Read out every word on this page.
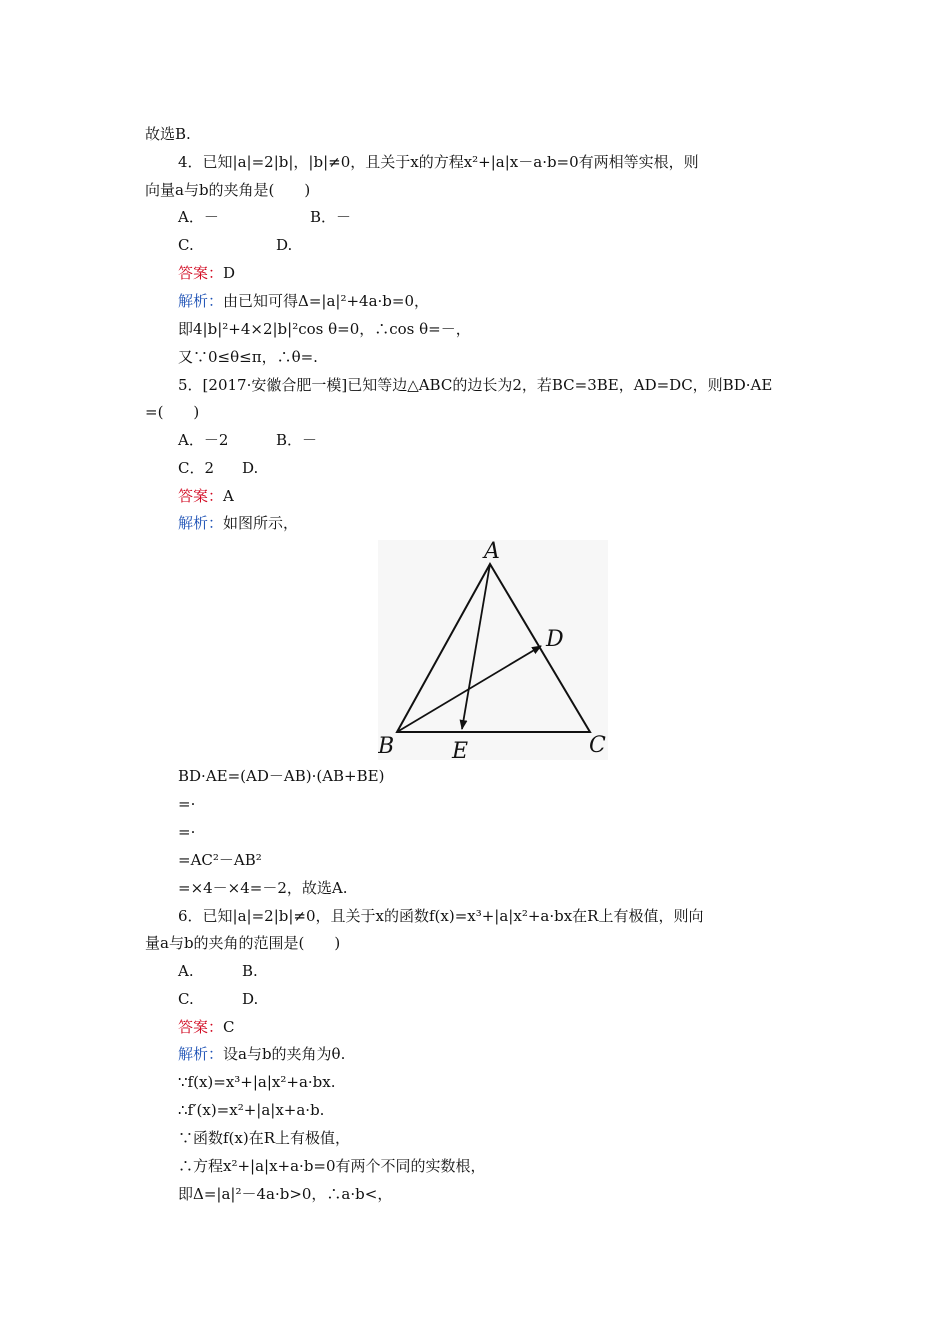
故选B.
4．已知|a|=2|b|，|b|≠0，且关于x的方程x²+|a|x－a·b=0有两相等实根，则
向量a与b的夹角是(　　)
A．－	B．－
C.	D.
答案：D
解析：由已知可得Δ=|a|²+4a·b=0，
即4|b|²+4×2|b|²cos θ=0，∴cos θ=－，
又∵0≤θ≤π，∴θ=.
5．[2017·安徽合肥一模]已知等边△ABC的边长为2，若BC=3BE，AD=DC，则BD·AE
=(　　)
A．－2	B．－
C．2 D.
答案：A
解析：如图所示，
A
B	C
D
E
BD·AE=(AD－AB)·(AB+BE)
=·
=·
=AC²－AB²
=×4－×4=－2，故选A.
6．已知|a|=2|b|≠0，且关于x的函数f(x)=x³+|a|x²+a·bx在R上有极值，则向
量a与b的夹角的范围是(　　)
A.	B.
C.	D.
答案：C
解析：设a与b的夹角为θ.
∵f(x)=x³+|a|x²+a·bx.
∴f′(x)=x²+|a|x+a·b.
∵函数f(x)在R上有极值，
∴方程x²+|a|x+a·b=0有两个不同的实数根，
即Δ=|a|²－4a·b>0，∴a·b<，
